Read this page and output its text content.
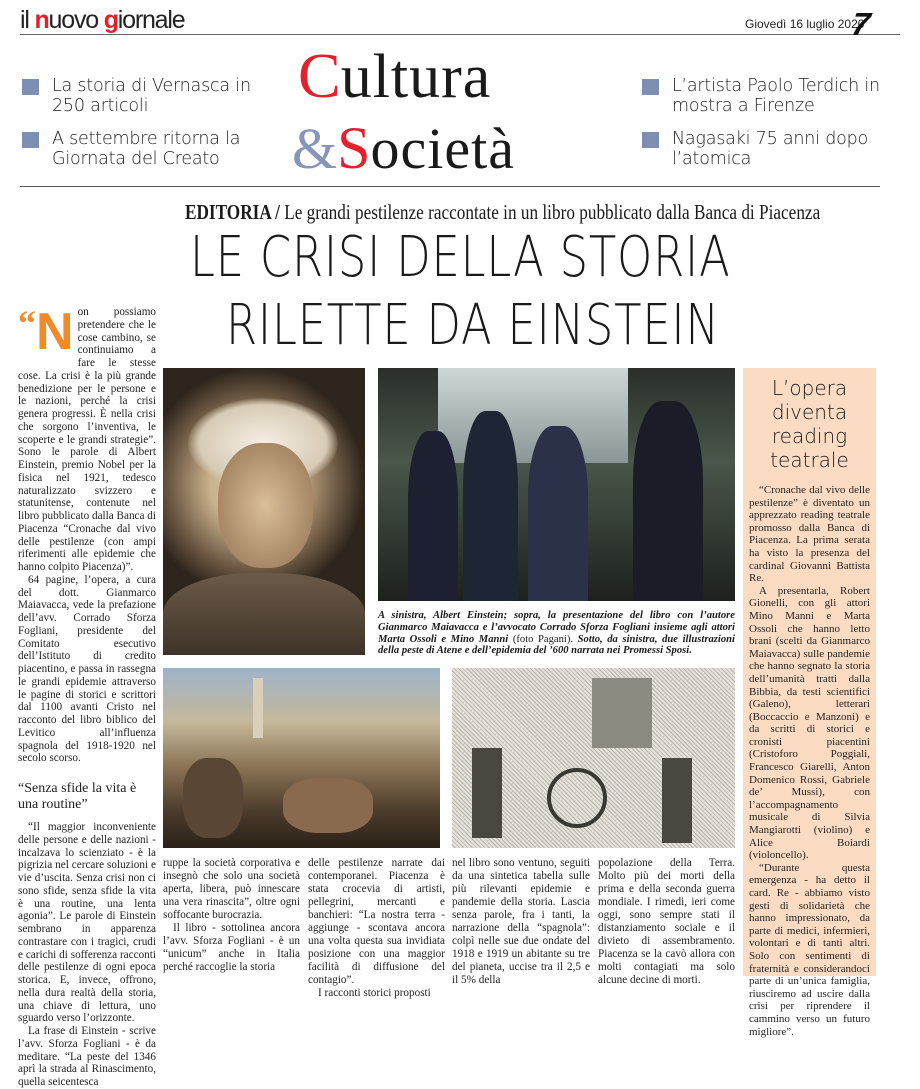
il nuovo giornale	Giovedì 16 luglio 2020
7
La storia di Vernasca in 250 articoli
A settembre ritorna la Giornata del Creato
L’artista Paolo Terdich in mostra a Firenze
Nagasaki 75 anni dopo l’atomica
C ultura
& S ocietà
EDITORIA / Le grandi pestilenze raccontate in un libro pubblicato dalla Banca di Piacenza
LE CRISI DELLA STORIA
RILETTE DA EINSTEIN
“N on possiamo pretendere che le cose cambino, se continuiamo a fare le stesse cose. La crisi è la più grande benedizione per le persone e le nazioni, perché la crisi genera progressi. È nella crisi che sorgono l’inventiva, le scoperte e le grandi strategie”. Sono le parole di Albert Einstein, premio Nobel per la fisica nel 1921, tedesco naturalizzato svizzero e statunitense, contenute nel libro pubblicato dalla Banca di Piacenza “Cronache dal vivo delle pestilenze (con ampi riferimenti alle epidemie che hanno colpito Piacenza)”.

64 pagine, l’opera, a cura del dott. Gianmarco Maiavacca, vede la prefazione dell’avv. Corrado Sforza Fogliani, presidente del Comitato esecutivo dell’Istituto di credito piacentino, e passa in rassegna le grandi epidemie attraverso le pagine di storici e scrittori dal 1100 avanti Cristo nel racconto del libro biblico del Levitico all’influenza spagnola del 1918-1920 nel secolo scorso.

“Senza sfide la vita è una routine”

“Il maggior inconveniente delle persone e delle nazioni - incalzava lo scienziato - è la pigrizia nel cercare soluzioni e vie d’uscita. Senza crisi non ci sono sfide, senza sfide la vita è una routine, una lenta agonia”. Le parole di Einstein sembrano in apparenza contrastare con i tragici, crudi e carichi di sofferenza racconti delle pestilenze di ogni epoca storica. E, invece, offrono, nella dura realtà della storia, una chiave di lettura, uno sguardo verso l’orizzonte.

La frase di Einstein - scrive l’avv. Sforza Fogliani - è da meditare. “La peste del 1346 aprì la strada al Rinascimento, quella seicentesca

A sinistra, Albert Einstein; sopra, la presentazione del libro con l’autore Gianmarco Maiavacca e l’avvocato Corrado Sforza Fogliani insieme agli attori Marta Ossoli e Mino Manni (foto Pagani). Sotto, da sinistra, due illustrazioni della peste di Atene e dell’epidemia del ’600 narrata nei Promessi Sposi.

ruppe la società corporativa e insegnò che solo una società aperta, libera, può innescare una vera rinascita”, oltre ogni soffocante burocrazia.

Il libro - sottolinea ancora l’avv. Sforza Fogliani - è un “unicum” anche in Italia perché raccoglie la storia

delle pestilenze narrate dai contemporanei. Piacenza è stata crocevia di artisti, pellegrini, mercanti e banchieri: “La nostra terra - aggiunge - scontava ancora una volta questa sua invidiata posizione con una maggior facilità di diffusione del contagio”.

I racconti storici proposti

nel libro sono ventuno, seguiti da una sintetica tabella sulle più rilevanti epidemie e pandemie della storia. Lascia senza parole, fra i tanti, la narrazione della “spagnola”: colpì nelle sue due ondate del 1918 e 1919 un abitante su tre del pianeta, uccise tra il 2,5 e il 5% della

popolazione della Terra. Molto più dei morti della prima e della seconda guerra mondiale. I rimedi, ieri come oggi, sono sempre stati il distanziamento sociale e il divieto di assembramento. Piacenza se la cavò allora con molti contagiati ma solo alcune decine di morti.

L’opera diventa reading teatrale

“Cronache dal vivo delle pestilenze” è diventato un apprezzato reading teatrale promosso dalla Banca di Piacenza. La prima serata ha visto la presenza del cardinal Giovanni Battista Re.

A presentarla, Robert Gionelli, con gli attori Mino Manni e Marta Ossoli che hanno letto brani (scelti da Gianmarco Maiavacca) sulle pandemie che hanno segnato la storia dell’umanità tratti dalla Bibbia, da testi scientifici (Galeno), letterari (Boccaccio e Manzoni) e da scritti di storici e cronisti piacentini (Cristoforo Poggiali, Francesco Giarelli, Anton Domenico Rossi, Gabriele de’ Mussi), con l’accompagnamento musicale di Silvia Mangiarotti (violino) e Alice Boiardi (violoncello).

“Durante questa emergenza - ha detto il card. Re - abbiamo visto gesti di solidarietà che hanno impressionato, da parte di medici, infermieri, volontari e di tanti altri. Solo con sentimenti di fraternità e considerandoci parte di un’unica famiglia, riusciremo ad uscire dalla crisi per riprendere il cammino verso un futuro migliore”.
